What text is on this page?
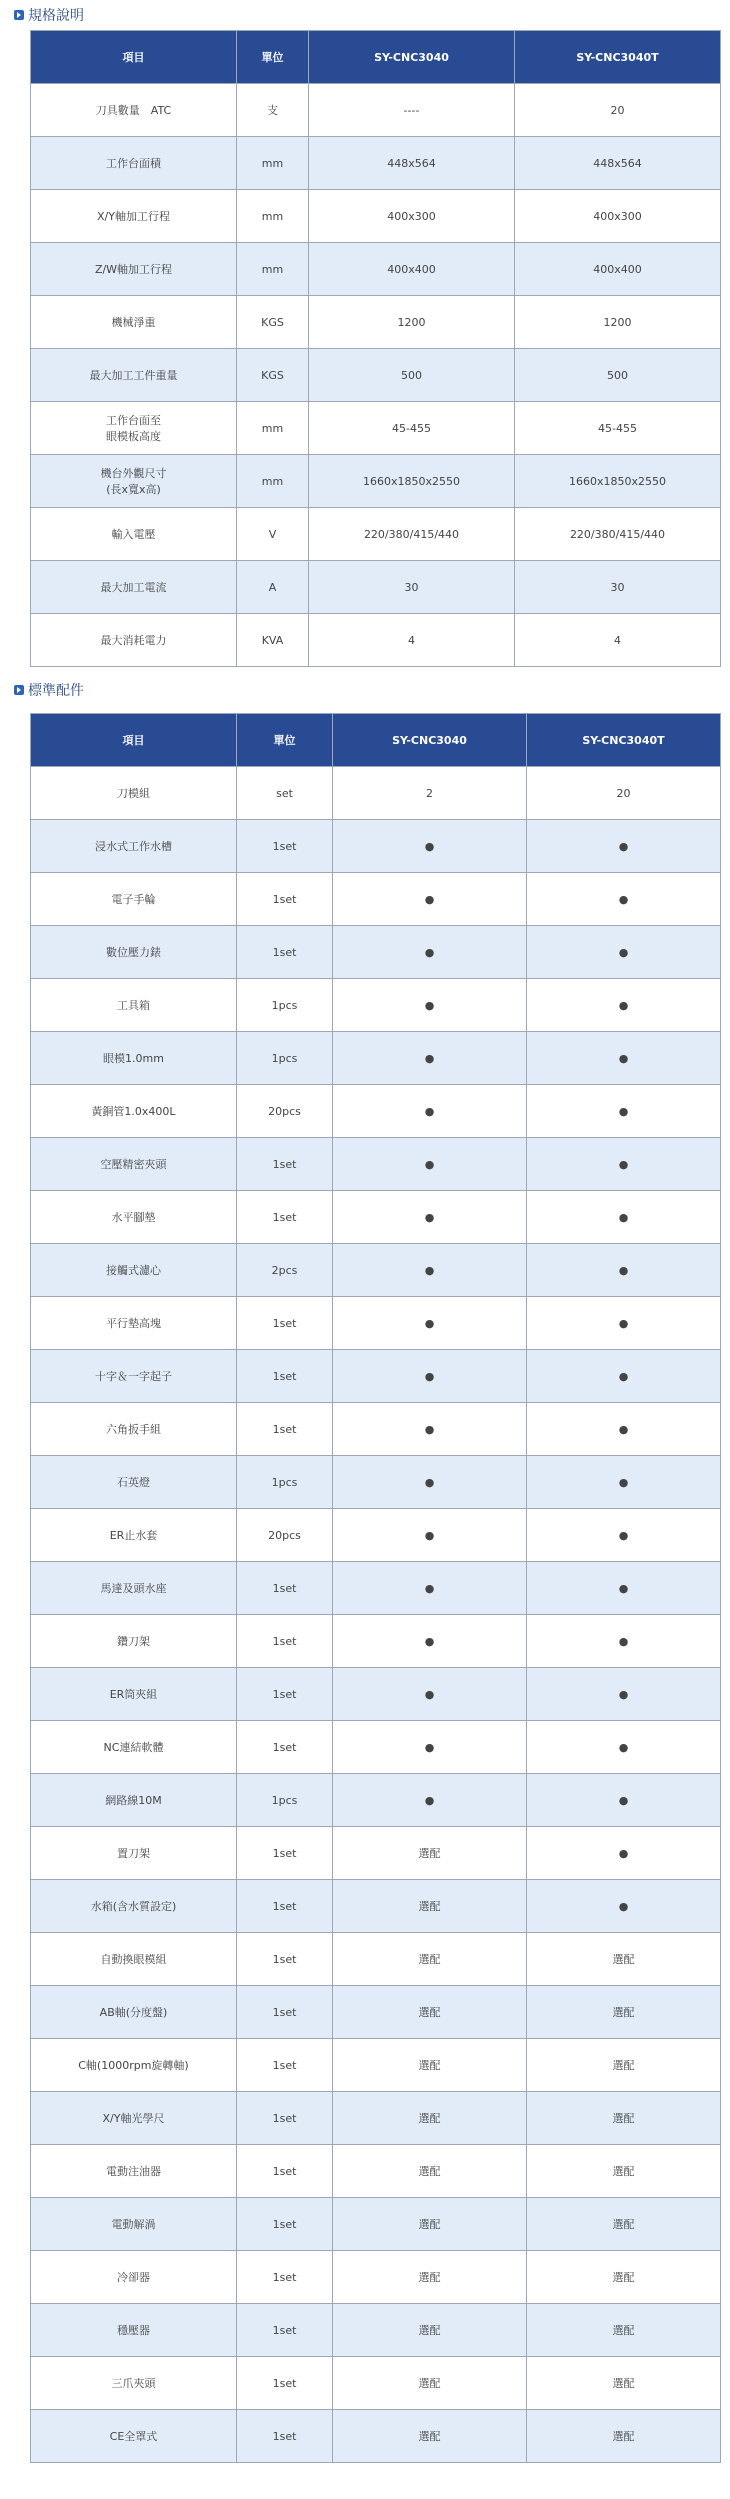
規格說明
項目	單位	SY-CNC3040	SY-CNC3040T
刀具數量　ATC	支	----	20
工作台面積	mm	448x564	448x564
X/Y軸加工行程	mm	400x300	400x300
Z/W軸加工行程	mm	400x400	400x400
機械淨重	KGS	1200	1200
最大加工工件重量	KGS	500	500
工作台面至
眼模板高度	mm	45-455	45-455
機台外觀尺寸
(長x寬x高)	mm	1660x1850x2550	1660x1850x2550
輸入電壓	V	220/380/415/440	220/380/415/440
最大加工電流	A	30	30
最大消耗電力	KVA	4	4
標準配件
項目	單位	SY-CNC3040	SY-CNC3040T
刀模組	set	2	20
浸水式工作水槽	1set	●	●
電子手輪	1set	●	●
數位壓力錶	1set	●	●
工具箱	1pcs	●	●
眼模1.0mm	1pcs	●	●
黃銅管1.0x400L	20pcs	●	●
空壓精密夾頭	1set	●	●
水平腳墊	1set	●	●
接觸式濾心	2pcs	●	●
平行墊高塊	1set	●	●
十字＆一字起子	1set	●	●
六角扳手組	1set	●	●
石英燈	1pcs	●	●
ER止水套	20pcs	●	●
馬達及頭水座	1set	●	●
鑽刀架	1set	●	●
ER筒夾組	1set	●	●
NC連結軟體	1set	●	●
網路線10M	1pcs	●	●
置刀架	1set	選配	●
水箱(含水質設定)	1set	選配	●
自動換眼模組	1set	選配	選配
AB軸(分度盤)	1set	選配	選配
C軸(1000rpm旋轉軸)	1set	選配	選配
X/Y軸光學尺	1set	選配	選配
電動注油器	1set	選配	選配
電動解渦	1set	選配	選配
冷卻器	1set	選配	選配
穩壓器	1set	選配	選配
三爪夾頭	1set	選配	選配
CE全罩式	1set	選配	選配
